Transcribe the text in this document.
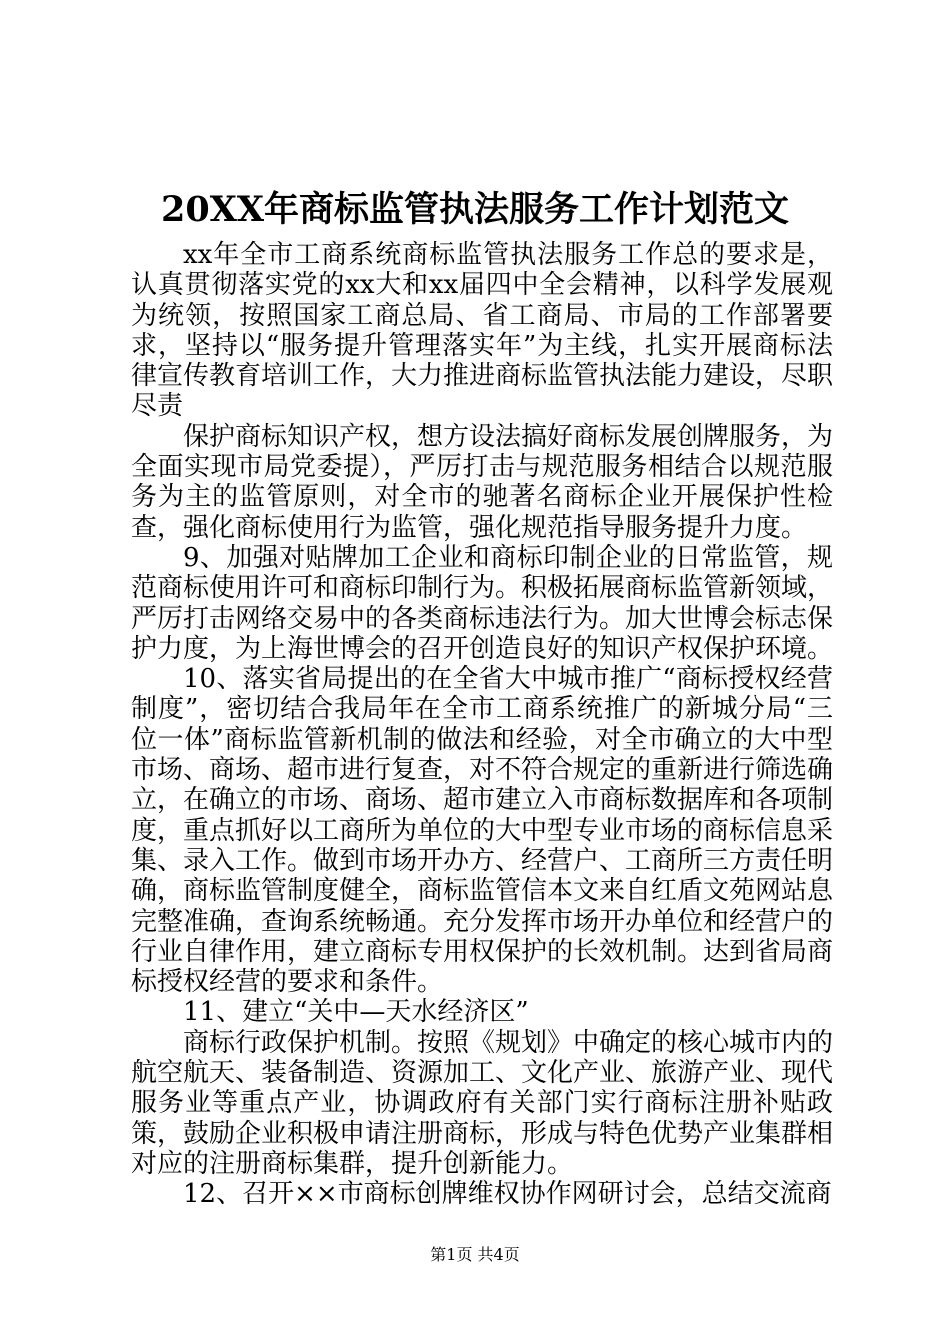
20XX年商标监管执法服务工作计划范文

xx年全市工商系统商标监管执法服务工作总的要求是，认真贯彻落实党的xx大和xx届四中全会精神，以科学发展观为统领，按照国家工商总局、省工商局、市局的工作部署要求，坚持以“服务提升管理落实年”为主线，扎实开展商标法律宣传教育培训工作，大力推进商标监管执法能力建设，尽职尽责

保护商标知识产权，想方设法搞好商标发展创牌服务，为全面实现市局党委提），严厉打击与规范服务相结合以规范服务为主的监管原则，对全市的驰著名商标企业开展保护性检查，强化商标使用行为监管，强化规范指导服务提升力度。

9、加强对贴牌加工企业和商标印制企业的日常监管，规范商标使用许可和商标印制行为。积极拓展商标监管新领域，严厉打击网络交易中的各类商标违法行为。加大世博会标志保护力度，为上海世博会的召开创造良好的知识产权保护环境。

10、落实省局提出的在全省大中城市推广“商标授权经营制度”，密切结合我局年在全市工商系统推广的新城分局“三位一体”商标监管新机制的做法和经验，对全市确立的大中型市场、商场、超市进行复查，对不符合规定的重新进行筛选确立，在确立的市场、商场、超市建立入市商标数据库和各项制度，重点抓好以工商所为单位的大中型专业市场的商标信息采集、录入工作。做到市场开办方、经营户、工商所三方责任明确，商标监管制度健全，商标监管信本文来自红盾文苑网站息完整准确，查询系统畅通。充分发挥市场开办单位和经营户的行业自律作用，建立商标专用权保护的长效机制。达到省局商标授权经营的要求和条件。

11、建立“关中—天水经济区”

商标行政保护机制。按照《规划》中确定的核心城市内的航空航天、装备制造、资源加工、文化产业、旅游产业、现代服务业等重点产业，协调政府有关部门实行商标注册补贴政策，鼓励企业积极申请注册商标，形成与特色优势产业集群相对应的注册商标集群，提升创新能力。

12、召开××市商标创牌维权协作网研讨会，总结交流商

第1页 共4页
